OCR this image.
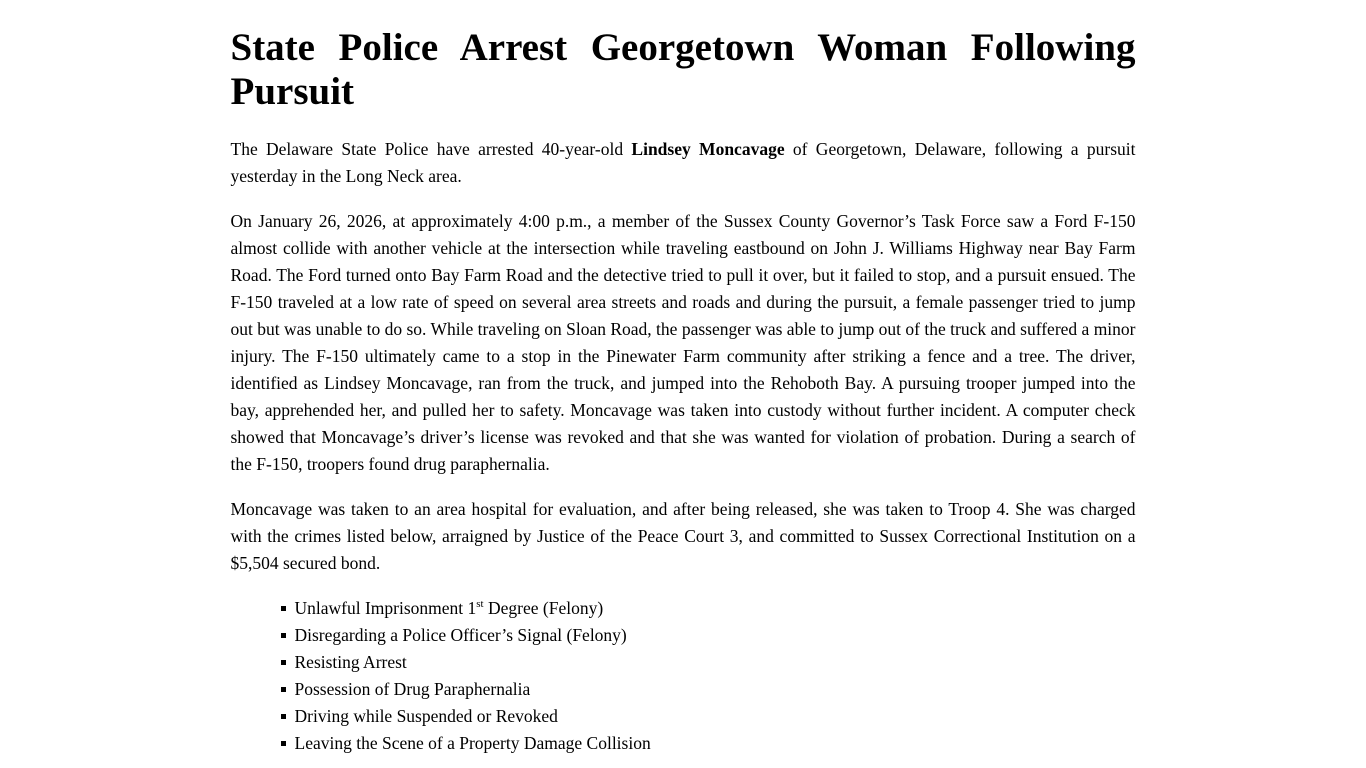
State Police Arrest Georgetown Woman Following
Pursuit

The Delaware State Police have arrested 40-year-old Lindsey Moncavage of Georgetown, Delaware, following a pursuit yesterday in the Long Neck area.

On January 26, 2026, at approximately 4:00 p.m., a member of the Sussex County Governor’s Task Force saw a Ford F-150 almost collide with another vehicle at the intersection while traveling eastbound on John J. Williams Highway near Bay Farm Road. The Ford turned onto Bay Farm Road and the detective tried to pull it over, but it failed to stop, and a pursuit ensued. The F-150 traveled at a low rate of speed on several area streets and roads and during the pursuit, a female passenger tried to jump out but was unable to do so. While traveling on Sloan Road, the passenger was able to jump out of the truck and suffered a minor injury. The F-150 ultimately came to a stop in the Pinewater Farm community after striking a fence and a tree. The driver, identified as Lindsey Moncavage, ran from the truck, and jumped into the Rehoboth Bay. A pursuing trooper jumped into the bay, apprehended her, and pulled her to safety. Moncavage was taken into custody without further incident. A computer check showed that Moncavage’s driver’s license was revoked and that she was wanted for violation of probation. During a search of the F-150, troopers found drug paraphernalia.

Moncavage was taken to an area hospital for evaluation, and after being released, she was taken to Troop 4. She was charged with the crimes listed below, arraigned by Justice of the Peace Court 3, and committed to Sussex Correctional Institution on a $5,504 secured bond.

Unlawful Imprisonment 1st Degree (Felony)
Disregarding a Police Officer’s Signal (Felony)
Resisting Arrest
Possession of Drug Paraphernalia
Driving while Suspended or Revoked
Leaving the Scene of a Property Damage Collision
